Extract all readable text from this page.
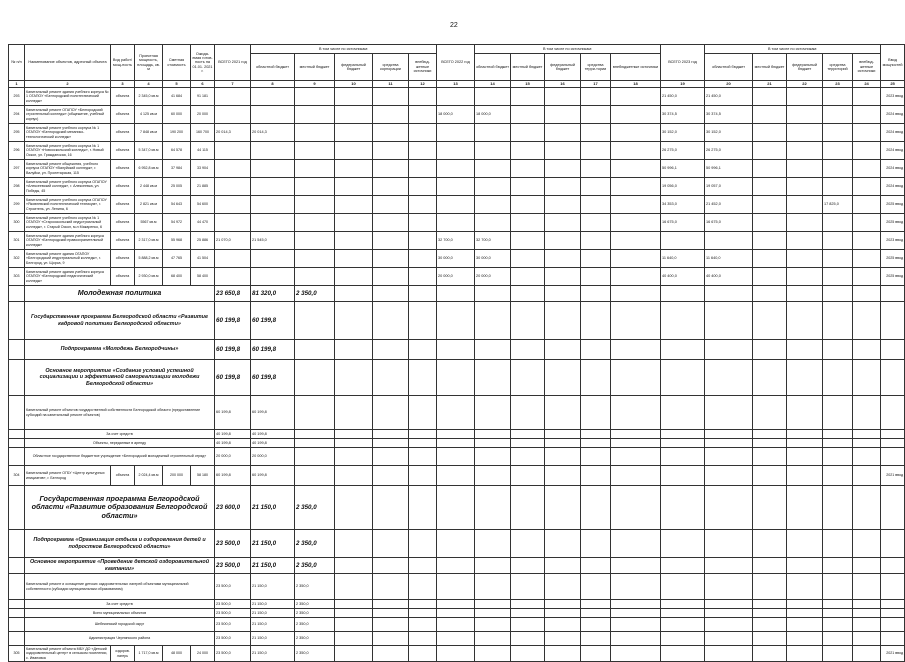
22
№ п/п	Наименование объектов, адресный объекта	Вид работ/мощ-ность	Проектная мощность, площадь, кв. м	Сметная стоимость	Ожида-емая готов-ность на 01.01. 2021 г.	ВСЕГО 2021 год	В том числе по источникам:					ВСЕГО 2022 год	В том числе по источникам:					ВСЕГО 2023 год	В том числе по источникам:					Ввод мощностей
							областной бюджет	местный бюджет	федеральный бюджет	средства корпорации	внебюд-жетные источники		областной бюджет	местный бюджет	федеральный бюджет	средства терри-тории	внебюджетные источники		областной бюджет	местный бюджет	федеральный бюджет	средства территорий	внебюд-жетные источники	
1	2	3	4	5	6	7	8	9	10	11	12	13	14	15	16	17	18	19	20	21	22	23	24	25
293	Капитальный ремонт здания учебного корпуса № 1 ОГАПОУ «Белгородский политехнический колледж»	объекта	2 345,0 кв.м	41 684	91 181													21 450,0	21 450,0					2023 ввод
294	Капитальный ремонт ОГАПОУ «Белгородский строительный колледж» (общежитие, учебный корпус)	объекта	4 125 кв.м	60 000	20 000							18 000,0	18 000,0					30 374,5	30 374,5					2024 ввод
295	Капитальный ремонт учебного корпуса № 1 ОГАПОУ «Белгородский механико-технологический колледж»	объекта	7 848 кв.м	190 200	160 700	20 014,3	20 014,3											30 152,0	30 152,0					2024 ввод
296	Капитальный ремонт учебного корпуса № 1 ОГАПОУ «Новооскольский колледж», г. Новый Оскол, ул. Гражданская, 16	объекта	5 347,0 кв.м	64 578	44 115													26 275,0	26 275,0					2024 ввод
297	Капитальный ремонт общежития, учебного корпуса ОГАПОУ «Валуйский колледж», г. Валуйки, ул. Пролетарская, 115	объекта	6 952,8 кв.м	37 984	33 904													50 996,1	50 996,1					2024 ввод
298	Капитальный ремонт учебного корпуса ОГАПОУ «Алексеевский колледж», г. Алексеевка, ул. Победы, 45	объекта	2 448 кв.м	25 005	21 885													19 056,0	19 057,0					2024 ввод
299	Капитальный ремонт учебного корпуса ОГАПОУ «Яковлевский политехнический техникум», г. Строитель, ул. Ленина, 6	объекта	2 821 кв.м	54 643	54 600													34 353,0	21 452,0			17 825,0		2025 ввод
300	Капитальный ремонт учебного корпуса № 1 ОГАПОУ «Старооскольский индустриальный колледж», г. Старый Оскол, м-н Макаренко, 6	объекта	5567 кв.м	54 972	44 470													16 675,0	16 675,0					2025 ввод
301	Капитальный ремонт здания учебного корпуса ОГАПОУ «Белгородский правоохранительный колледж»	объекта	2 317,0 кв.м	55 968	25 886	21 070,0	21 545,0					32 700,0	32 700,0											2023 ввод
302	Капитальный ремонт здания ОГАПОУ «Белгородский индустриальный колледж», г. Белгород, ул. Щорса, 9	объекта	5 888,2 кв.м	47 765	41 504							30 000,0	30 000,0					11 640,0	11 640,0					2025 ввод
303	Капитальный ремонт здания учебного корпуса ОГАПОУ «Белгородский педагогический колледж»	объекта	2 930,0 кв.м	68 400	58 400							20 000,0	20 000,0					40 400,0	40 400,0					2025 ввод
	Молодежная политика					23 650,8	81 320,0	2 350,0																
	Государственная программа Белгородской области «Развитие кадровой политики Белгородской области»					60 199,8	60 199,8																	
	Подпрограмма «Молодежь Белгородчины»					60 199,8	60 199,8																	
	Основное мероприятие «Создание условий успешной социализации и эффективной самореализации молодежи Белгородской области»					60 199,8	60 199,8																	
	Капитальный ремонт объектов государственной собственности Белгородской области (предоставление субсидий на капитальный ремонт объектов)					60 199,8	60 199,8																	
	За счет средств					40 199,8	40 199,8																	
	Объекты, переданные в аренду					40 199,8	40 199,8																	
	Областное государственное бюджетное учреждение «Белгородский молодежный строительный отряд»					20 000,0	20 000,0																	
304	Капитальный ремонт ОГБУ «Центр культурных инициатив», г. Белгород	объекта	2 024,4 кв.м	200 000	58 180	60 199,8	60 199,8																	2021 ввод
	Государственная программа Белгородской области «Развитие образования Белгородской области»					23 600,0	21 150,0	2 350,0																
	Подпрограмма «Организация отдыха и оздоровления детей и подростков Белгородской области»					23 500,0	21 150,0	2 350,0																
	Основное мероприятие «Проведение детской оздоровительной кампании»					23 500,0	21 150,0	2 350,0																
	Капитальный ремонт и оснащение детских оздоровительных лагерей объектами муниципальной собственности (субсидии муниципальным образованиям)					23 500,0	21 150,0	2 350,0																
	За счет средств					23 500,0	21 150,0	2 350,0																
	Всего муниципальных объектов					23 500,0	21 150,0	2 350,0																
	Шебекинский городской округ					23 500,0	21 150,0	2 350,0																
	Администрация Чернянского района					23 500,0	21 150,0	2 350,0																
305	Капитальный ремонт объекта МБУ ДО «Детский оздоровительный центр» в сельском поселении, с. Ивановка	оздоров. лагерь	1 717,0 кв.м	48 000	24 000	23 500,0	21 150,0	2 350,0																2021 ввод
